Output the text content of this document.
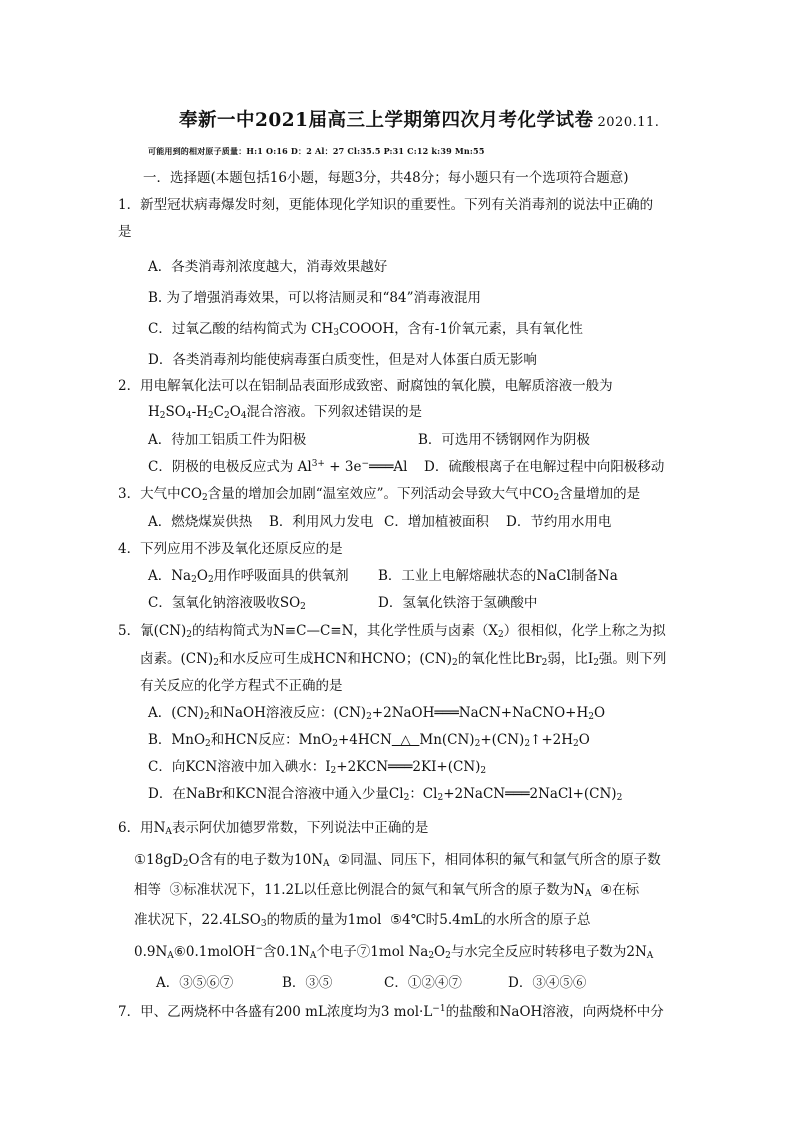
奉新一中2021届高三上学期第四次月考化学试卷 2020.11.
可能用到的相对原子质量：H:1 O:16 D：2 Al：27 Cl:35.5 P:31 C:12 k:39 Mn:55
一．选择题(本题包括16小题，每题3分，共48分；每小题只有一个选项符合题意)
1．新型冠状病毒爆发时刻，更能体现化学知识的重要性。下列有关消毒剂的说法中正确的
是
A．各类消毒剂浓度越大，消毒效果越好
B. 为了增强消毒效果，可以将洁厕灵和“84”消毒液混用
C．过氧乙酸的结构简式为 $CH_3COOOH$，含有-1价氧元素，具有氧化性
D．各类消毒剂均能使病毒蛋白质变性，但是对人体蛋白质无影响
2．用电解氧化法可以在铝制品表面形成致密、耐腐蚀的氧化膜，电解质溶液一般为
$H_2SO_4-H_2C_2O_4$混合溶液。下列叙述错误的是
A．待加工铝质工件为阳极	B．可选用不锈钢网作为阴极
C．阴极的电极反应式为 $Al^{3+}$ + 3e−═══Al D．硫酸根离子在电解过程中向阳极移动
3．大气中$CO_2$含量的增加会加剧“温室效应”。下列活动会导致大气中$CO_2$含量增加的是
A．燃烧煤炭供热 B．利用风力发电 C．增加植被面积 D．节约用水用电
4．下列应用不涉及氧化还原反应的是
A．$Na_2O_2$用作呼吸面具的供氧剂 B．工业上电解熔融状态的NaCl制备Na
C．氢氧化钠溶液吸收$SO_2$	D．氢氧化铁溶于氢碘酸中
5．氰$(CN)_2$的结构简式为N≡C—C≡N，其化学性质与卤素$(X_2)$很相似，化学上称之为拟
卤素。$(CN)_2$和水反应可生成HCN和HCNO；$(CN)_2$的氧化性比$Br_2$弱，比$I_2$强。则下列
有关反应的化学方程式不正确的是
A．$(CN)_2$和NaOH溶液反应：$(CN)_2+2NaOH═══NaCN+NaCNO+H_2O$
B．MnO$_2$和HCN反应：MnO$_2$+4HCN  △  $Mn(CN)_2+(CN)_2↑+2H_2O$
C．向KCN溶液中加入碘水：$I_2+2KCN═══2KI+(CN)_2$
D．在NaBr和KCN混合溶液中通入少量$Cl_2$：$Cl_2+2NaCN═══2NaCl+(CN)_2$
6．用$N_A$表示阿伏加德罗常数，下列说法中正确的是
$①18gD_2O$含有的电子数为$10N_A$  ②同温、同压下，相同体积的氟气和氩气所含的原子数
相等  ③标准状况下，11.2L以任意比例混合的氮气和氧气所含的原子数为$N_A$  ④在标
准状况下，$22.4LSO_3$的物质的量为1mol  ⑤4℃时5.4mL的水所含的原子总
$0.9N_A⑥0.1molOH^-$含$0.1N_A$个电子⑦1mol $Na_2O_2$与水完全反应时转移电子数为$2N_A$
A．③⑤⑥⑦	B．③⑤	C．①②④⑦	D．③④⑤⑥
7．甲、乙两烧杯中各盛有200 mL浓度均为3 $mol\cdot L^{-1}$的盐酸和NaOH溶液，向两烧杯中分
